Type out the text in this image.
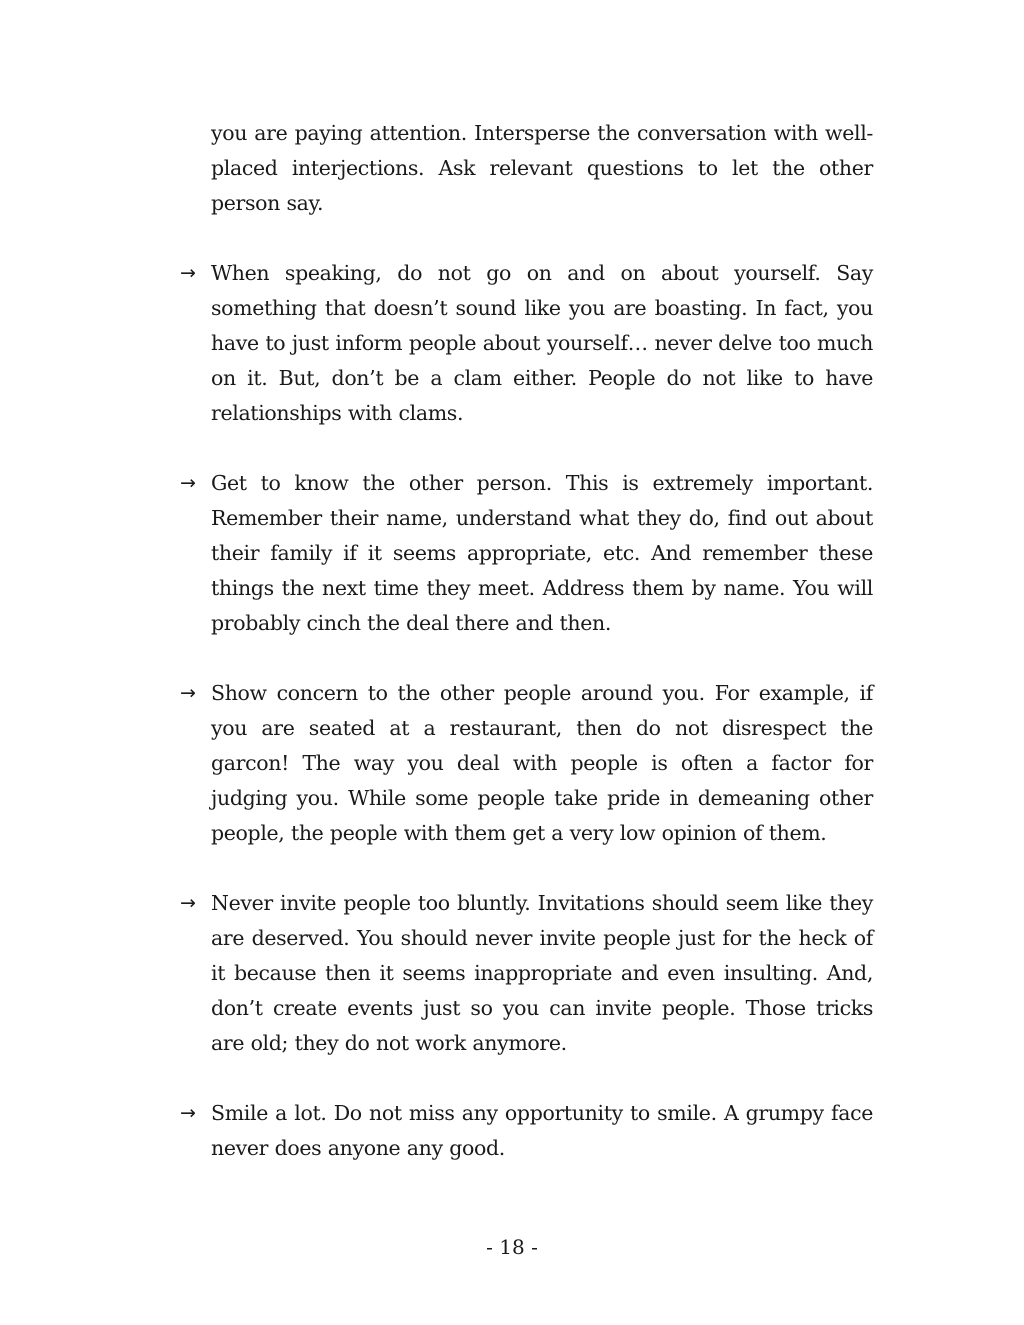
you are paying attention. Intersperse the conversation with well-placed interjections. Ask relevant questions to let the other person say.

→ When speaking, do not go on and on about yourself. Say something that doesn’t sound like you are boasting. In fact, you have to just inform people about yourself… never delve too much on it. But, don’t be a clam either. People do not like to have relationships with clams.

→ Get to know the other person. This is extremely important. Remember their name, understand what they do, find out about their family if it seems appropriate, etc. And remember these things the next time they meet. Address them by name. You will probably cinch the deal there and then.

→ Show concern to the other people around you. For example, if you are seated at a restaurant, then do not disrespect the garcon! The way you deal with people is often a factor for judging you. While some people take pride in demeaning other people, the people with them get a very low opinion of them.

→ Never invite people too bluntly. Invitations should seem like they are deserved. You should never invite people just for the heck of it because then it seems inappropriate and even insulting. And, don’t create events just so you can invite people. Those tricks are old; they do not work anymore.

→ Smile a lot. Do not miss any opportunity to smile. A grumpy face never does anyone any good.

- 18 -
